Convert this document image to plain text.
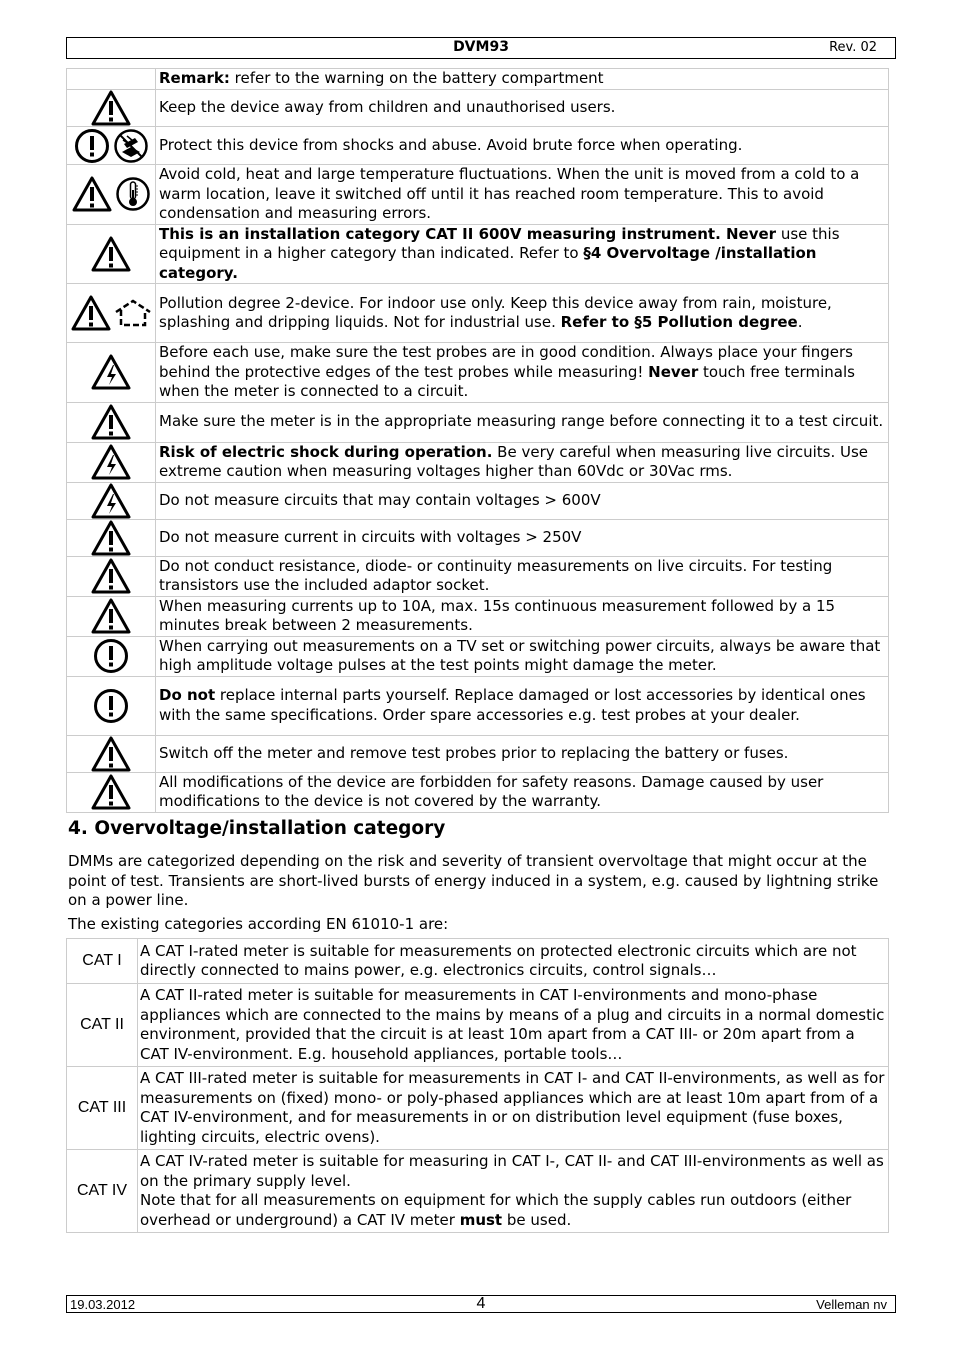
DVM93	Rev. 02
	Remark: refer to the warning on the battery compartment

	Keep the device away from children and unauthorised users.

	Protect this device from shocks and abuse. Avoid brute force when operating.

	Avoid cold, heat and large temperature fluctuations. When the unit is moved from a cold to a warm location, leave it switched off until it has reached room temperature. This to avoid condensation and measuring errors.

	This is an installation category CAT II 600V measuring instrument. Never use this equipment in a higher category than indicated. Refer to §4 Overvoltage /installation category.

	Pollution degree 2-device. For indoor use only. Keep this device away from rain, moisture, splashing and dripping liquids. Not for industrial use. Refer to §5 Pollution degree.

	Before each use, make sure the test probes are in good condition. Always place your fingers behind the protective edges of the test probes while measuring! Never touch free terminals when the meter is connected to a circuit.

	Make sure the meter is in the appropriate measuring range before connecting it to a test circuit.

	Risk of electric shock during operation. Be very careful when measuring live circuits. Use extreme caution when measuring voltages higher than 60Vdc or 30Vac rms.

	Do not measure circuits that may contain voltages > 600V

	Do not measure current in circuits with voltages > 250V

	Do not conduct resistance, diode- or continuity measurements on live circuits. For testing transistors use the included adaptor socket.

	When measuring currents up to 10A, max. 15s continuous measurement followed by a 15 minutes break between 2 measurements.

	When carrying out measurements on a TV set or switching power circuits, always be aware that high amplitude voltage pulses at the test points might damage the meter.

	Do not replace internal parts yourself. Replace damaged or lost accessories by identical ones with the same specifications. Order spare accessories e.g. test probes at your dealer.

	Switch off the meter and remove test probes prior to replacing the battery or fuses.

	All modifications of the device are forbidden for safety reasons. Damage caused by user modifications to the device is not covered by the warranty.
4. Overvoltage/installation category

DMMs are categorized depending on the risk and severity of transient overvoltage that might occur at the point of test. Transients are short-lived bursts of energy induced in a system, e.g. caused by lightning strike on a power line.

The existing categories according EN 61010-1 are:

CAT I	A CAT I-rated meter is suitable for measurements on protected electronic circuits which are not directly connected to mains power, e.g. electronics circuits, control signals…
CAT II	A CAT II-rated meter is suitable for measurements in CAT I-environments and mono-phase appliances which are connected to the mains by means of a plug and circuits in a normal domestic environment, provided that the circuit is at least 10m apart from a CAT III- or 20m apart from a CAT IV-environment. E.g. household appliances, portable tools…
CAT III	A CAT III-rated meter is suitable for measurements in CAT I- and CAT II-environments, as well as for measurements on (fixed) mono- or poly-phased appliances which are at least 10m apart from of a CAT IV-environment, and for measurements in or on distribution level equipment (fuse boxes, lighting circuits, electric ovens).
CAT IV	A CAT IV-rated meter is suitable for measuring in CAT I-, CAT II- and CAT III-environments as well as on the primary supply level.
Note that for all measurements on equipment for which the supply cables run outdoors (either overhead or underground) a CAT IV meter must be used.
19.03.2012	4	Velleman nv
